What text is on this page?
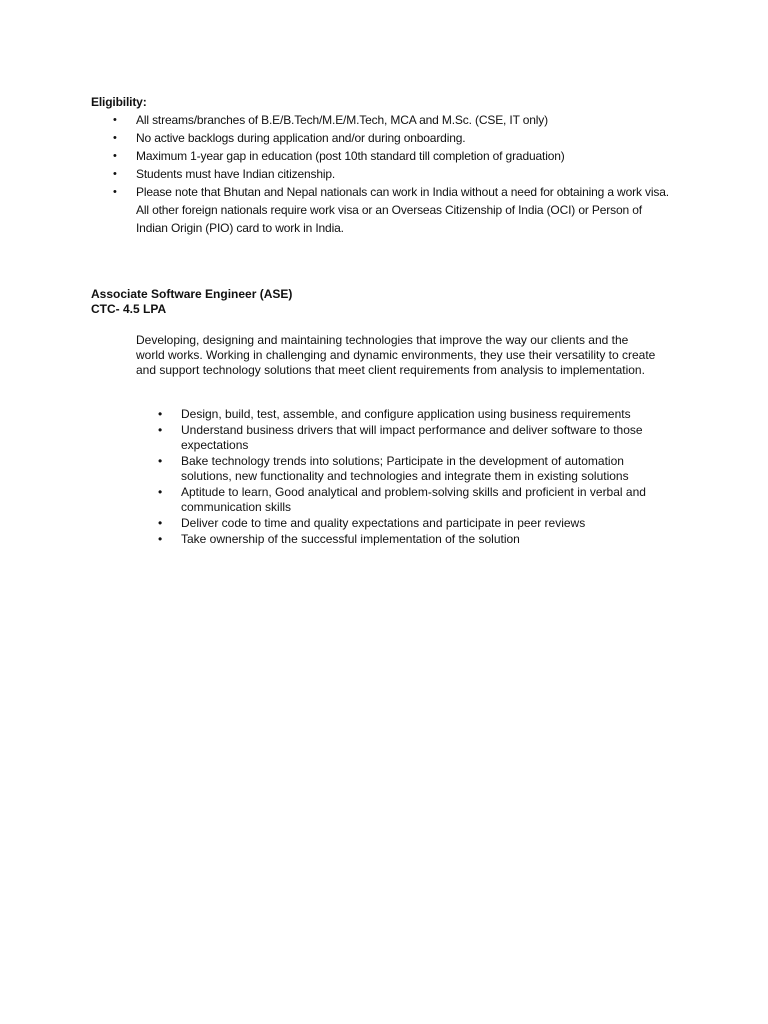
Eligibility:

• All streams/branches of B.E/B.Tech/M.E/M.Tech, MCA and M.Sc. (CSE, IT only)
• No active backlogs during application and/or during onboarding.
• Maximum 1-year gap in education (post 10th standard till completion of graduation)
• Students must have Indian citizenship.
• Please note that Bhutan and Nepal nationals can work in India without a need for obtaining a work visa.
All other foreign nationals require work visa or an Overseas Citizenship of India (OCI) or Person of Indian Origin (PIO) card to work in India.

Associate Software Engineer (ASE)

CTC- 4.5 LPA

Developing, designing and maintaining technologies that improve the way our clients and the world works. Working in challenging and dynamic environments, they use their versatility to create and support technology solutions that meet client requirements from analysis to implementation.

• Design, build, test, assemble, and configure application using business requirements
• Understand business drivers that will impact performance and deliver software to those expectations
• Bake technology trends into solutions; Participate in the development of automation solutions, new functionality and technologies and integrate them in existing solutions
• Aptitude to learn, Good analytical and problem-solving skills and proficient in verbal and communication skills
• Deliver code to time and quality expectations and participate in peer reviews
• Take ownership of the successful implementation of the solution
